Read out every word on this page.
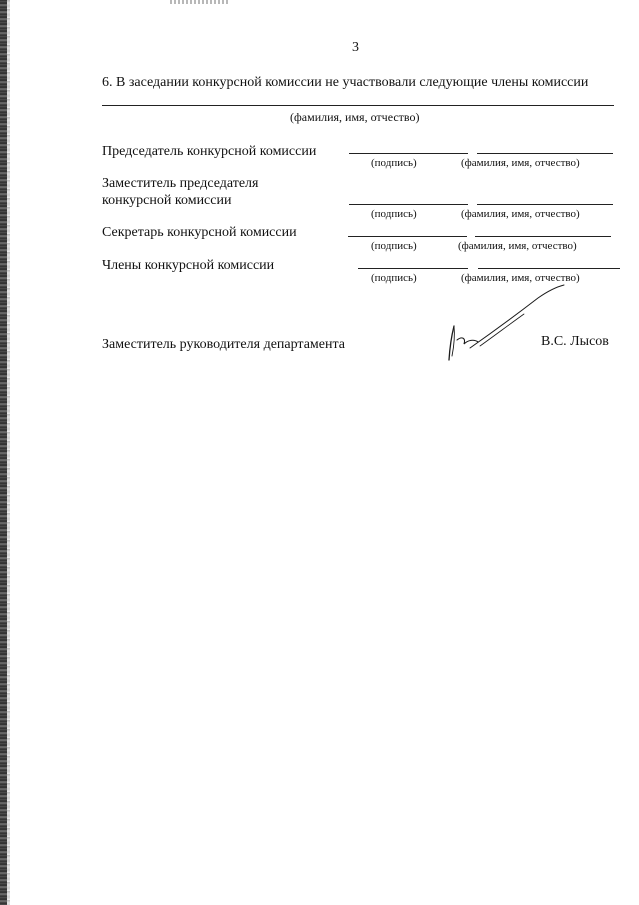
3
6. В заседании конкурсной комиссии не участвовали следующие члены комиссии
(фамилия, имя, отчество)
Председатель конкурсной комиссии
(подпись)	(фамилия, имя, отчество)
Заместитель председателя
конкурсной комиссии
(подпись)	(фамилия, имя, отчество)
Секретарь конкурсной комиссии
(подпись)	(фамилия, имя, отчество)
Члены конкурсной комиссии
(подпись)	(фамилия, имя, отчество)
Заместитель руководителя департамента	В.С. Лысов
